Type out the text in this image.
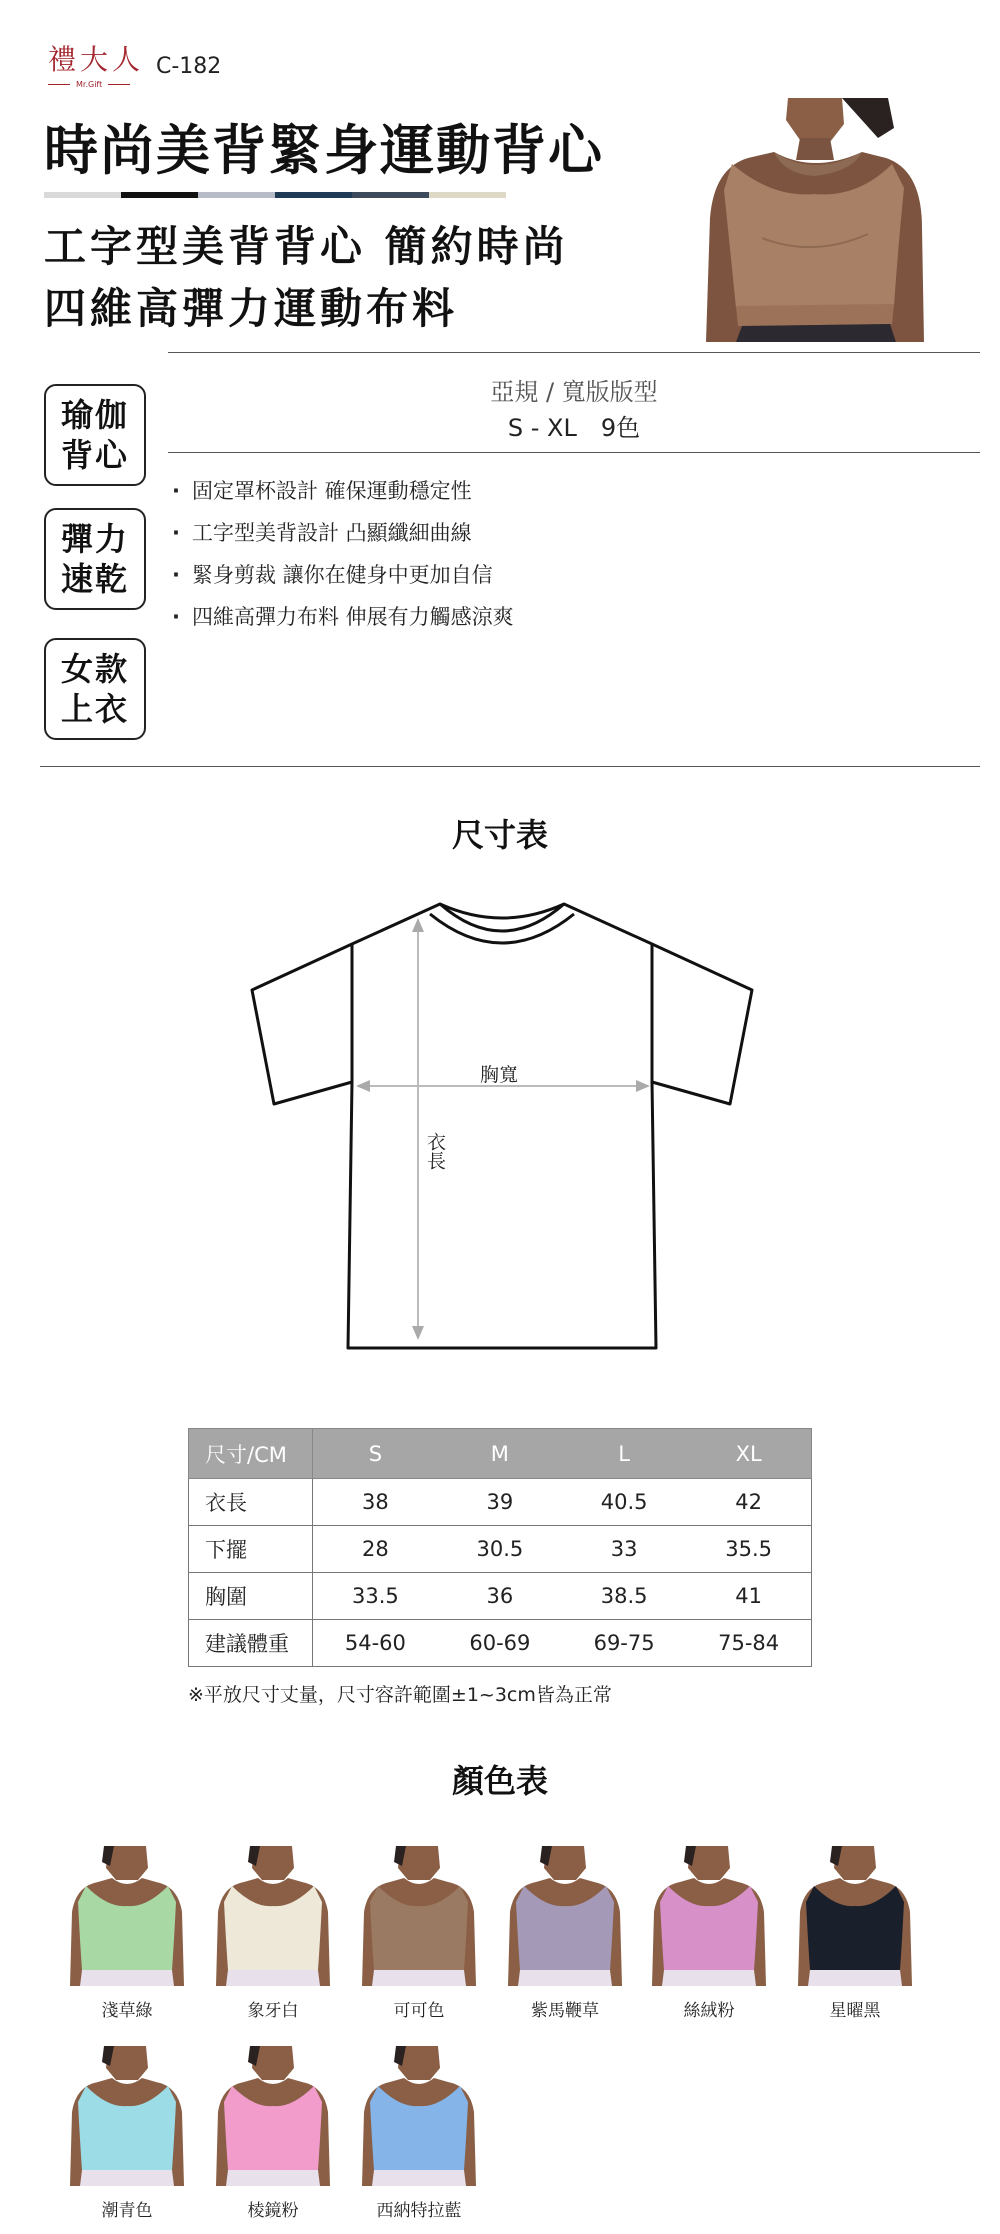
禮大人
Mr.Gift
C-182
時尚美背緊身運動背心
工字型美背背心 簡約時尚
四維高彈力運動布料
亞規 / 寬版版型
S - XL　9色
瑜伽
背心
彈力
速乾
女款
上衣
· 固定罩杯設計 確保運動穩定性
· 工字型美背設計 凸顯纖細曲線
· 緊身剪裁 讓你在健身中更加自信
· 四維高彈力布料 伸展有力觸感涼爽
尺寸表
胸寬
衣長
尺寸/CM	S	M	L	XL
衣長	38	39	40.5	42
下擺	28	30.5	33	35.5
胸圍	33.5	36	38.5	41
建議體重	54-60	60-69	69-75	75-84
※平放尺寸丈量，尺寸容許範圍±1~3cm皆為正常
顏色表
淺草綠	象牙白	可可色	紫馬鞭草	絲絨粉	星曜黑
潮青色	棱鏡粉	西納特拉藍
